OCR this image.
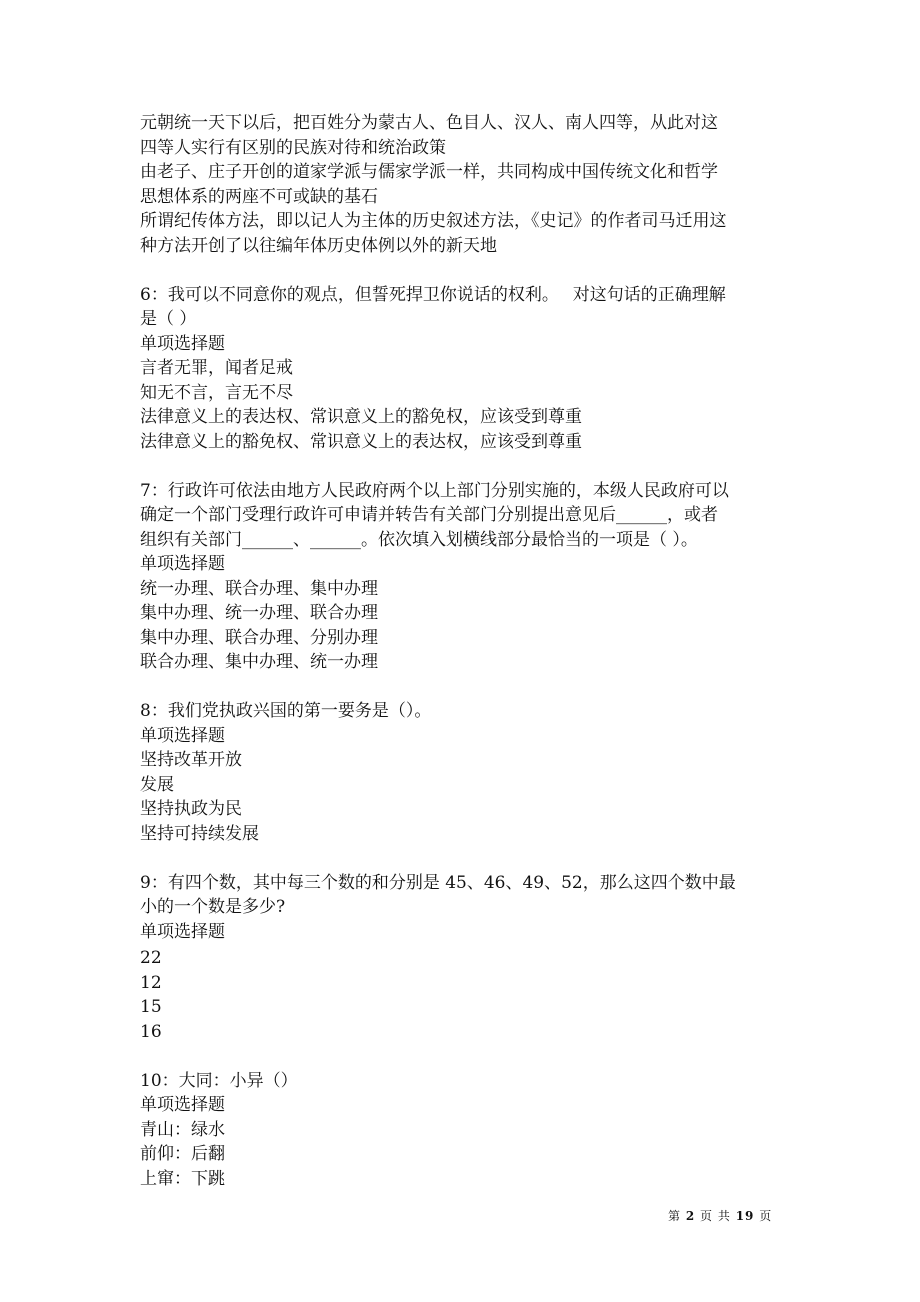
元朝统一天下以后，把百姓分为蒙古人、色目人、汉人、南人四等，从此对这
四等人实行有区别的民族对待和统治政策
由老子、庄子开创的道家学派与儒家学派一样，共同构成中国传统文化和哲学
思想体系的两座不可或缺的基石
所谓纪传体方法，即以记人为主体的历史叙述方法，《史记》的作者司马迁用这
种方法开创了以往编年体历史体例以外的新天地
6：我可以不同意你的观点，但誓死捍卫你说话的权利。　 对这句话的正确理解
是（ ）
单项选择题
言者无罪，闻者足戒
知无不言，言无不尽
法律意义上的表达权、常识意义上的豁免权，应该受到尊重
法律意义上的豁免权、常识意义上的表达权，应该受到尊重
7：行政许可依法由地方人民政府两个以上部门分别实施的，本级人民政府可以
确定一个部门受理行政许可申请并转告有关部门分别提出意见后______，或者
组织有关部门______、______。依次填入划横线部分最恰当的一项是（ ）。
单项选择题
统一办理、联合办理、集中办理
集中办理、统一办理、联合办理
集中办理、联合办理、分别办理
联合办理、集中办理、统一办理
8：我们党执政兴国的第一要务是（）。
单项选择题
坚持改革开放
发展
坚持执政为民
坚持可持续发展
9：有四个数，其中每三个数的和分别是 45、46、49、52，那么这四个数中最
小的一个数是多少?
单项选择题
22
12
15
16
10：大同：小异（）
单项选择题
青山：绿水
前仰：后翻
上窜：下跳
第 2 页 共 19 页
